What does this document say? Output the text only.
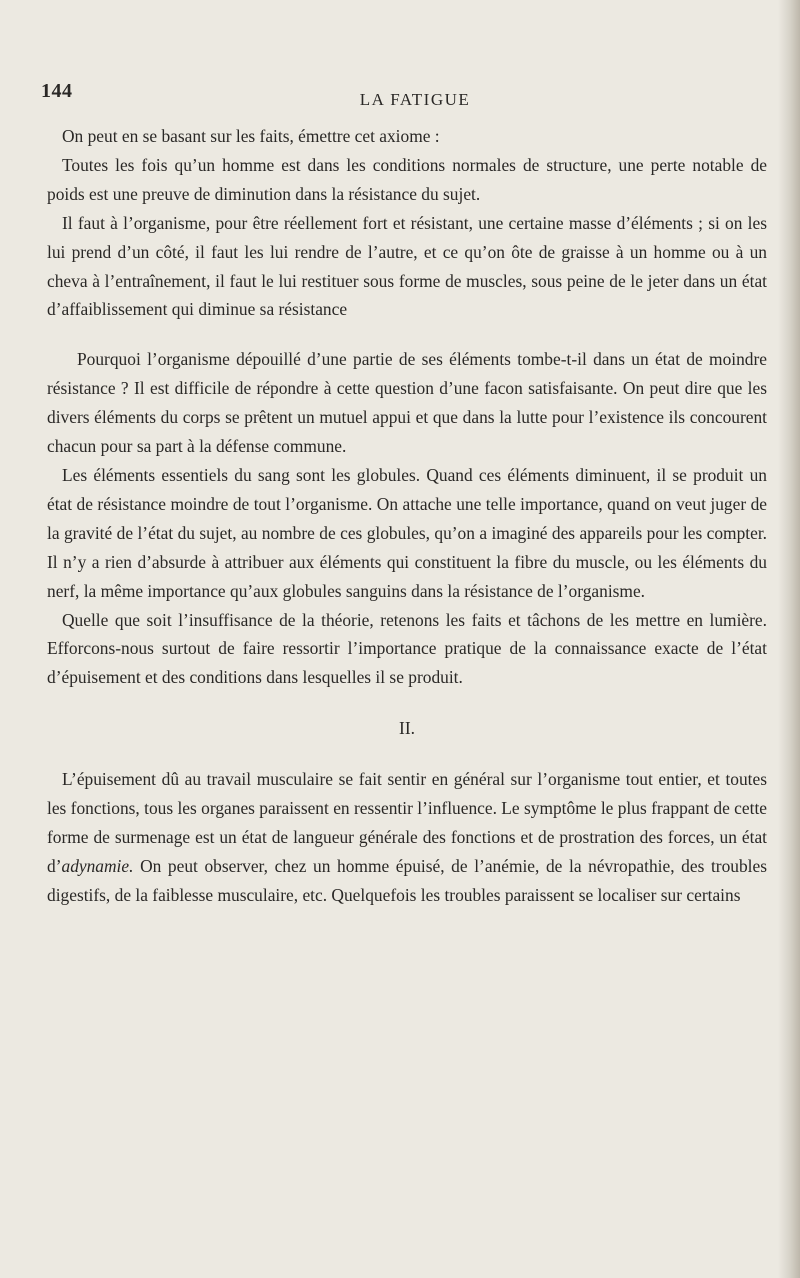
144	LA FATIGUE

On peut en se basant sur les faits, émettre cet axiome :

Toutes les fois qu’un homme est dans les conditions normales de structure, une perte notable de poids est une preuve de diminution dans la résistance du sujet.

Il faut à l’organisme, pour être réellement fort et résistant, une certaine masse d’éléments ; si on les lui prend d’un côté, il faut les lui rendre de l’autre, et ce qu’on ôte de graisse à un homme ou à un cheva à l’entraînement, il faut le lui restituer sous forme de muscles, sous peine de le jeter dans un état d’affaiblissement qui diminue sa résistance

Pourquoi l’organisme dépouillé d’une partie de ses éléments tombe-t-il dans un état de moindre résistance ? Il est difficile de répondre à cette question d’une facon satisfaisante. On peut dire que les divers éléments du corps se prêtent un mutuel appui et que dans la lutte pour l’existence ils concourent chacun pour sa part à la défense commune.

Les éléments essentiels du sang sont les globules. Quand ces éléments diminuent, il se produit un état de résistance moindre de tout l’organisme. On attache une telle importance, quand on veut juger de la gravité de l’état du sujet, au nombre de ces globules, qu’on a imaginé des appareils pour les compter. Il n’y a rien d’absurde à attribuer aux éléments qui constituent la fibre du muscle, ou les éléments du nerf, la même importance qu’aux globules sanguins dans la résistance de l’organisme.

Quelle que soit l’insuffisance de la théorie, retenons les faits et tâchons de les mettre en lumière. Efforcons-nous surtout de faire ressortir l’importance pratique de la connaissance exacte de l’état d’épuisement et des conditions dans lesquelles il se produit.

II.

L’épuisement dû au travail musculaire se fait sentir en général sur l’organisme tout entier, et toutes les fonctions, tous les organes paraissent en ressentir l’influence. Le symptôme le plus frappant de cette forme de surmenage est un état de langueur générale des fonctions et de prostration des forces, un état d’adynamie. On peut observer, chez un homme épuisé, de l’anémie, de la névropathie, des troubles digestifs, de la faiblesse musculaire, etc. Quelquefois les troubles paraissent se localiser sur certains
